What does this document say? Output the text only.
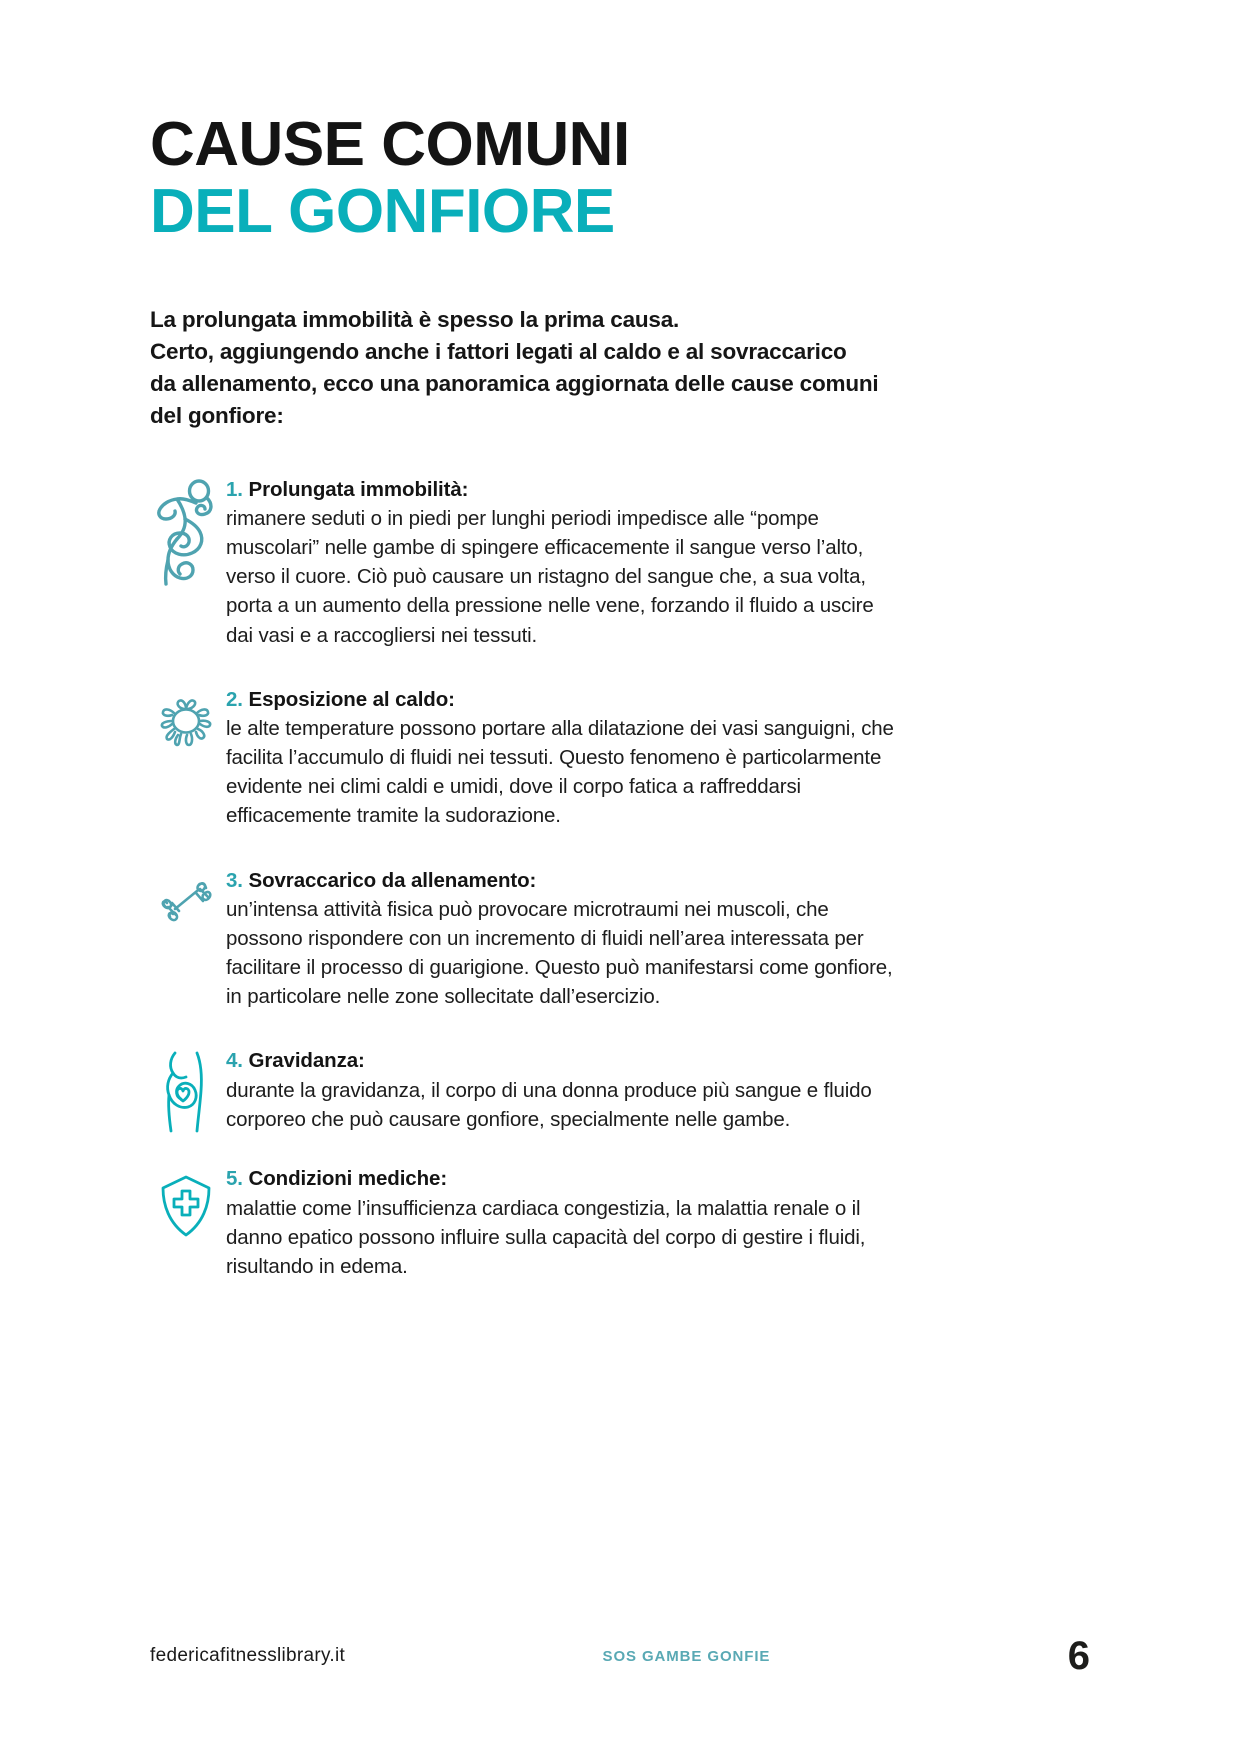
CAUSE COMUNI
DEL GONFIORE
La prolungata immobilità è spesso la prima causa.
Certo, aggiungendo anche i fattori legati al caldo e al sovraccarico
da allenamento, ecco una panoramica aggiornata delle cause comuni
del gonfiore:
1. Prolungata immobilità:
rimanere seduti o in piedi per lunghi periodi impedisce alle “pompe
muscolari” nelle gambe di spingere efficacemente il sangue verso l’alto,
verso il cuore. Ciò può causare un ristagno del sangue che, a sua volta,
porta a un aumento della pressione nelle vene, forzando il fluido a uscire
dai vasi e a raccogliersi nei tessuti.
2. Esposizione al caldo:
le alte temperature possono portare alla dilatazione dei vasi sanguigni, che
facilita l’accumulo di fluidi nei tessuti. Questo fenomeno è particolarmente
evidente nei climi caldi e umidi, dove il corpo fatica a raffreddarsi
efficacemente tramite la sudorazione.
3. Sovraccarico da allenamento:
un’intensa attività fisica può provocare microtraumi nei muscoli, che
possono rispondere con un incremento di fluidi nell’area interessata per
facilitare il processo di guarigione. Questo può manifestarsi come gonfiore,
in particolare nelle zone sollecitate dall’esercizio.
4. Gravidanza:
durante la gravidanza, il corpo di una donna produce più sangue e fluido
corporeo che può causare gonfiore, specialmente nelle gambe.
5. Condizioni mediche:
malattie come l’insufficienza cardiaca congestizia, la malattia renale o il
danno epatico possono influire sulla capacità del corpo di gestire i fluidi,
risultando in edema.
federicafitnesslibrary.it	SOS GAMBE GONFIE	6
